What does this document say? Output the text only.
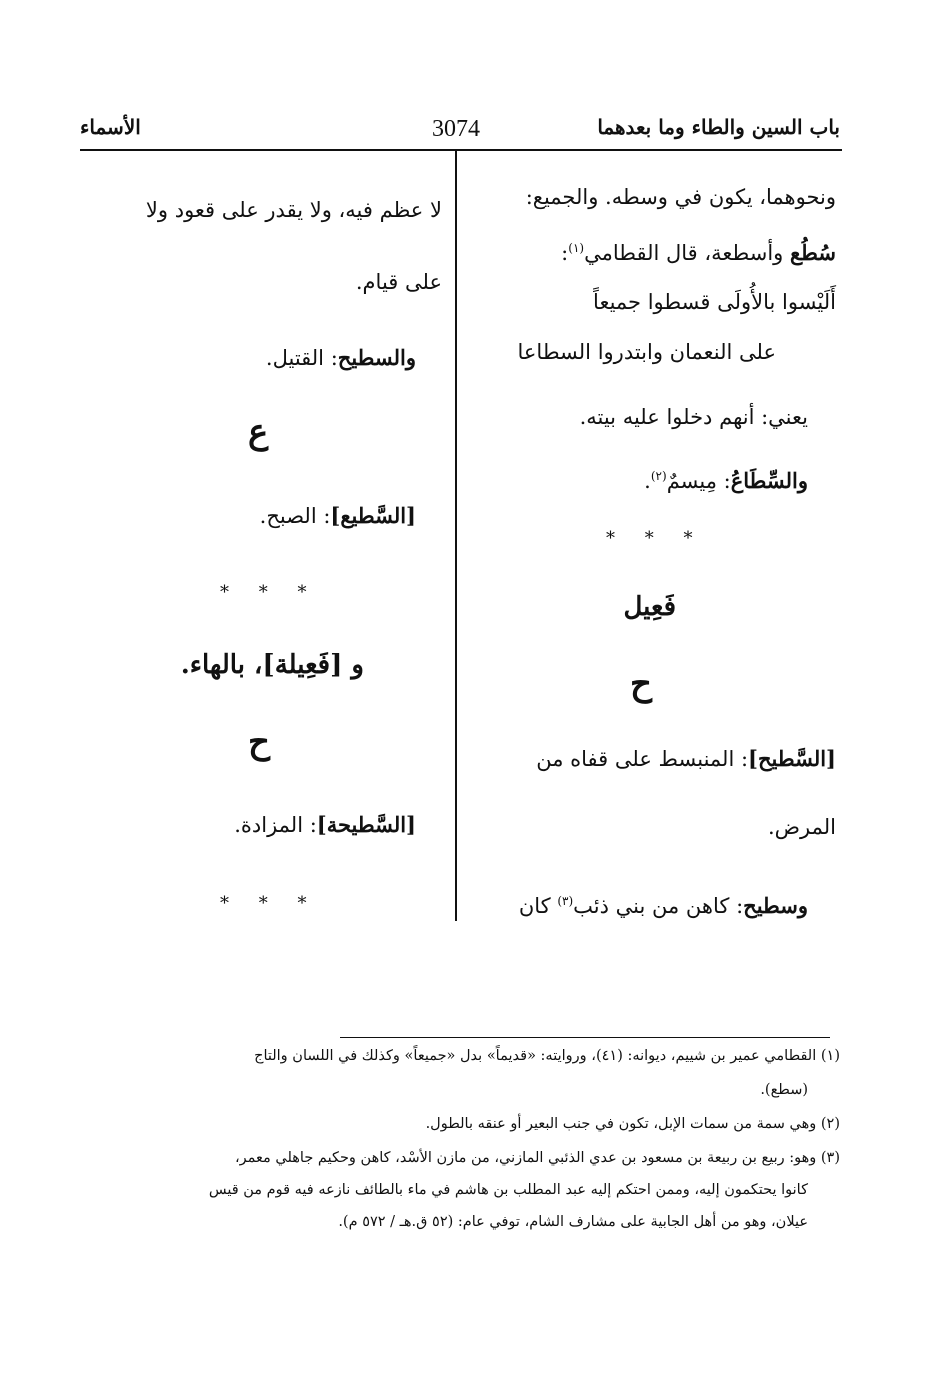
باب السين والطاء وما بعدهما
3074
الأسماء
ونحوهما، يكون في وسطه. والجميع:
سُطُع وأسطعة، قال القطامي$^{(١)}$:
أَلَيْسوا بالأُولَى قسطوا جميعاً
على النعمان وابتدروا السطاعا
يعني: أنهم دخلوا عليه بيته.
والسِّطَاعُ: مِيسمٌ$^{(٢)}$.
* * *
فَعِيل
ح
[السَّطيح]: المنبسط على قفاه من
المرض.
وسطيح: كاهن من بني ذئب$^{(٣)}$ كان
لا عظم فيه، ولا يقدر على قعود ولا
على قيام.
والسطيح: القتيل.
ع
[السَّطيع]: الصبح.
* * *
و [فَعِيلة]، بالهاء.
ح
[السَّطيحة]: المزادة.
* * *
(١) القطامي عمير بن شييم، ديوانه: (٤١)، وروايته: «قديماً» بدل «جميعاً» وكذلك في اللسان والتاج
(سطع).
(٢) وهي سمة من سمات الإبل، تكون في جنب البعير أو عنقه بالطول.
(٣) وهو: ربيع بن ربيعة بن مسعود بن عدي الذئبي المازني، من مازن الأسْد، كاهن وحكيم جاهلي معمر،
كانوا يحتكمون إليه، وممن احتكم إليه عبد المطلب بن هاشم في ماء بالطائف نازعه فيه قوم من قيس
عيلان، وهو من أهل الجابية على مشارف الشام، توفي عام: (٥٢ ق.هـ / ٥٧٢ م).
